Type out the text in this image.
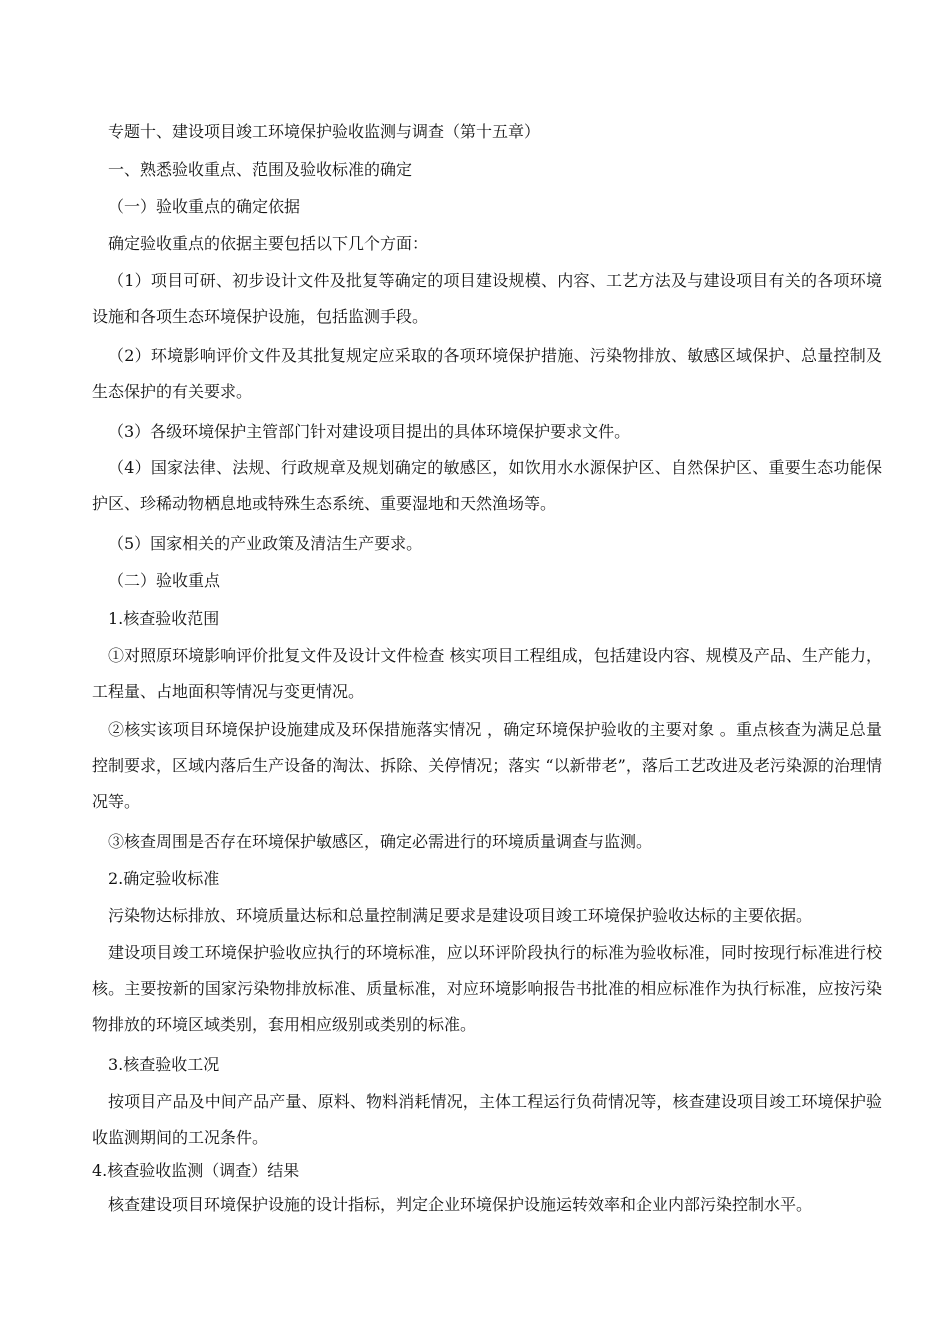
专题十、建设项目竣工环境保护验收监测与调查（第十五章）
一、熟悉验收重点、范围及验收标准的确定
（一）验收重点的确定依据
确定验收重点的依据主要包括以下几个方面：
（1）项目可研、初步设计文件及批复等确定的项目建设规模、内容、工艺方法及与建设项目有关的各项环境设施和各项生态环境保护设施，包括监测手段。
（2）环境影响评价文件及其批复规定应采取的各项环境保护措施、污染物排放、敏感区域保护、总量控制及生态保护的有关要求。
（3）各级环境保护主管部门针对建设项目提出的具体环境保护要求文件。
（4）国家法律、法规、行政规章及规划确定的敏感区，如饮用水水源保护区、自然保护区、重要生态功能保护区、珍稀动物栖息地或特殊生态系统、重要湿地和天然渔场等。
（5）国家相关的产业政策及清洁生产要求。
（二）验收重点
1.核查验收范围
①对照原环境影响评价批复文件及设计文件检查 核实项目工程组成，包括建设内容、规模及产品、生产能力，工程量、占地面积等情况与变更情况。
②核实该项目环境保护设施建成及环保措施落实情况 ，确定环境保护验收的主要对象 。重点核查为满足总量控制要求，区域内落后生产设备的淘汰、拆除、关停情况；落实 “以新带老”，落后工艺改进及老污染源的治理情况等。
③核查周围是否存在环境保护敏感区，确定必需进行的环境质量调查与监测。
2.确定验收标准
污染物达标排放、环境质量达标和总量控制满足要求是建设项目竣工环境保护验收达标的主要依据。
建设项目竣工环境保护验收应执行的环境标准，应以环评阶段执行的标准为验收标准，同时按现行标准进行校核。主要按新的国家污染物排放标准、质量标准，对应环境影响报告书批准的相应标准作为执行标准，应按污染物排放的环境区域类别，套用相应级别或类别的标准。
3.核查验收工况
按项目产品及中间产品产量、原料、物料消耗情况，主体工程运行负荷情况等，核查建设项目竣工环境保护验收监测期间的工况条件。
4.核查验收监测（调查）结果
核查建设项目环境保护设施的设计指标，判定企业环境保护设施运转效率和企业内部污染控制水平。
